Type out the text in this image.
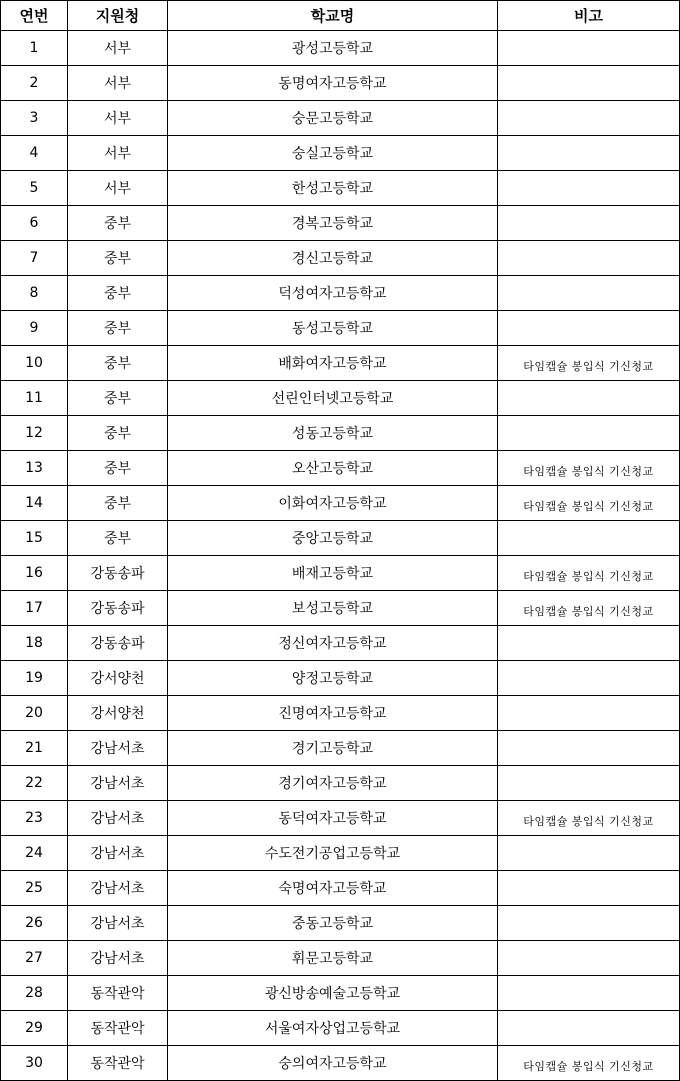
연번	지원청	학교명	비고
1	서부	광성고등학교	
2	서부	동명여자고등학교	
3	서부	숭문고등학교	
4	서부	숭실고등학교	
5	서부	한성고등학교	
6	중부	경복고등학교	
7	중부	경신고등학교	
8	중부	덕성여자고등학교	
9	중부	동성고등학교	
10	중부	배화여자고등학교	타임캡슐 봉입식 기신청교
11	중부	선린인터넷고등학교	
12	중부	성동고등학교	
13	중부	오산고등학교	타임캡슐 봉입식 기신청교
14	중부	이화여자고등학교	타임캡슐 봉입식 기신청교
15	중부	중앙고등학교	
16	강동송파	배재고등학교	타임캡슐 봉입식 기신청교
17	강동송파	보성고등학교	타임캡슐 봉입식 기신청교
18	강동송파	정신여자고등학교	
19	강서양천	양정고등학교	
20	강서양천	진명여자고등학교	
21	강남서초	경기고등학교	
22	강남서초	경기여자고등학교	
23	강남서초	동덕여자고등학교	타임캡슐 봉입식 기신청교
24	강남서초	수도전기공업고등학교	
25	강남서초	숙명여자고등학교	
26	강남서초	중동고등학교	
27	강남서초	휘문고등학교	
28	동작관악	광신방송예술고등학교	
29	동작관악	서울여자상업고등학교	
30	동작관악	숭의여자고등학교	타임캡슐 봉입식 기신청교
